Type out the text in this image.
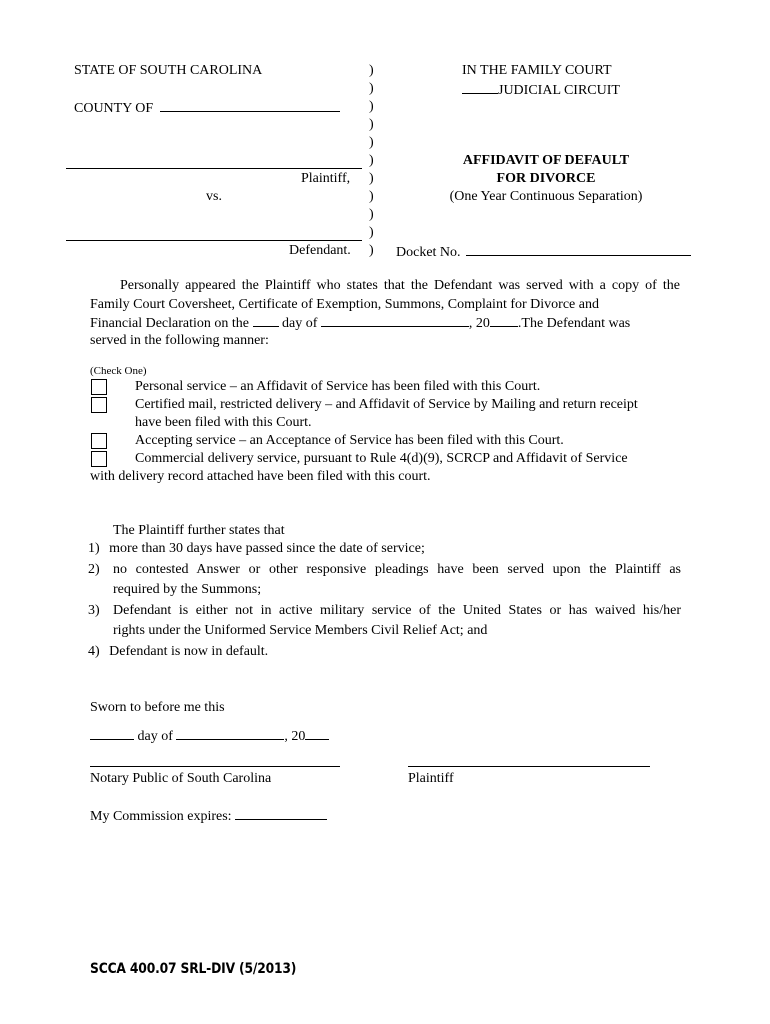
STATE OF SOUTH CAROLINA
COUNTY OF
Plaintiff,
vs.
Defendant.
)
)
)
)
)
)
)
)
)
)
)
IN THE FAMILY COURT
JUDICIAL CIRCUIT
AFFIDAVIT OF DEFAULT
FOR DIVORCE
(One Year Continuous Separation)
Docket No.
Personally appeared the Plaintiff who states that the Defendant was served with a copy of the Family Court Coversheet, Certificate of Exemption, Summons, Complaint for Divorce and
Financial Declaration on the day of	, 20 .The Defendant was
served in the following manner:
(Check One)
Personal service – an Affidavit of Service has been filed with this Court.
Certified mail, restricted delivery – and Affidavit of Service by Mailing and return receipt
have been filed with this Court.
Accepting service – an Acceptance of Service has been filed with this Court.
Commercial delivery service, pursuant to Rule 4(d)(9), SCRCP and Affidavit of Service
with delivery record attached have been filed with this court.
The Plaintiff further states that
1) more than 30 days have passed since the date of service;
2) no contested Answer or other responsive pleadings have been served upon the Plaintiff as
required by the Summons;
3) Defendant is either not in active military service of the United States or has waived his/her
rights under the Uniformed Service Members Civil Relief Act; and
4) Defendant is now in default.
Sworn to before me this
day of	, 20
Notary Public of South Carolina	Plaintiff
My Commission expires:
SCCA 400.07 SRL-DIV (5/2013)
